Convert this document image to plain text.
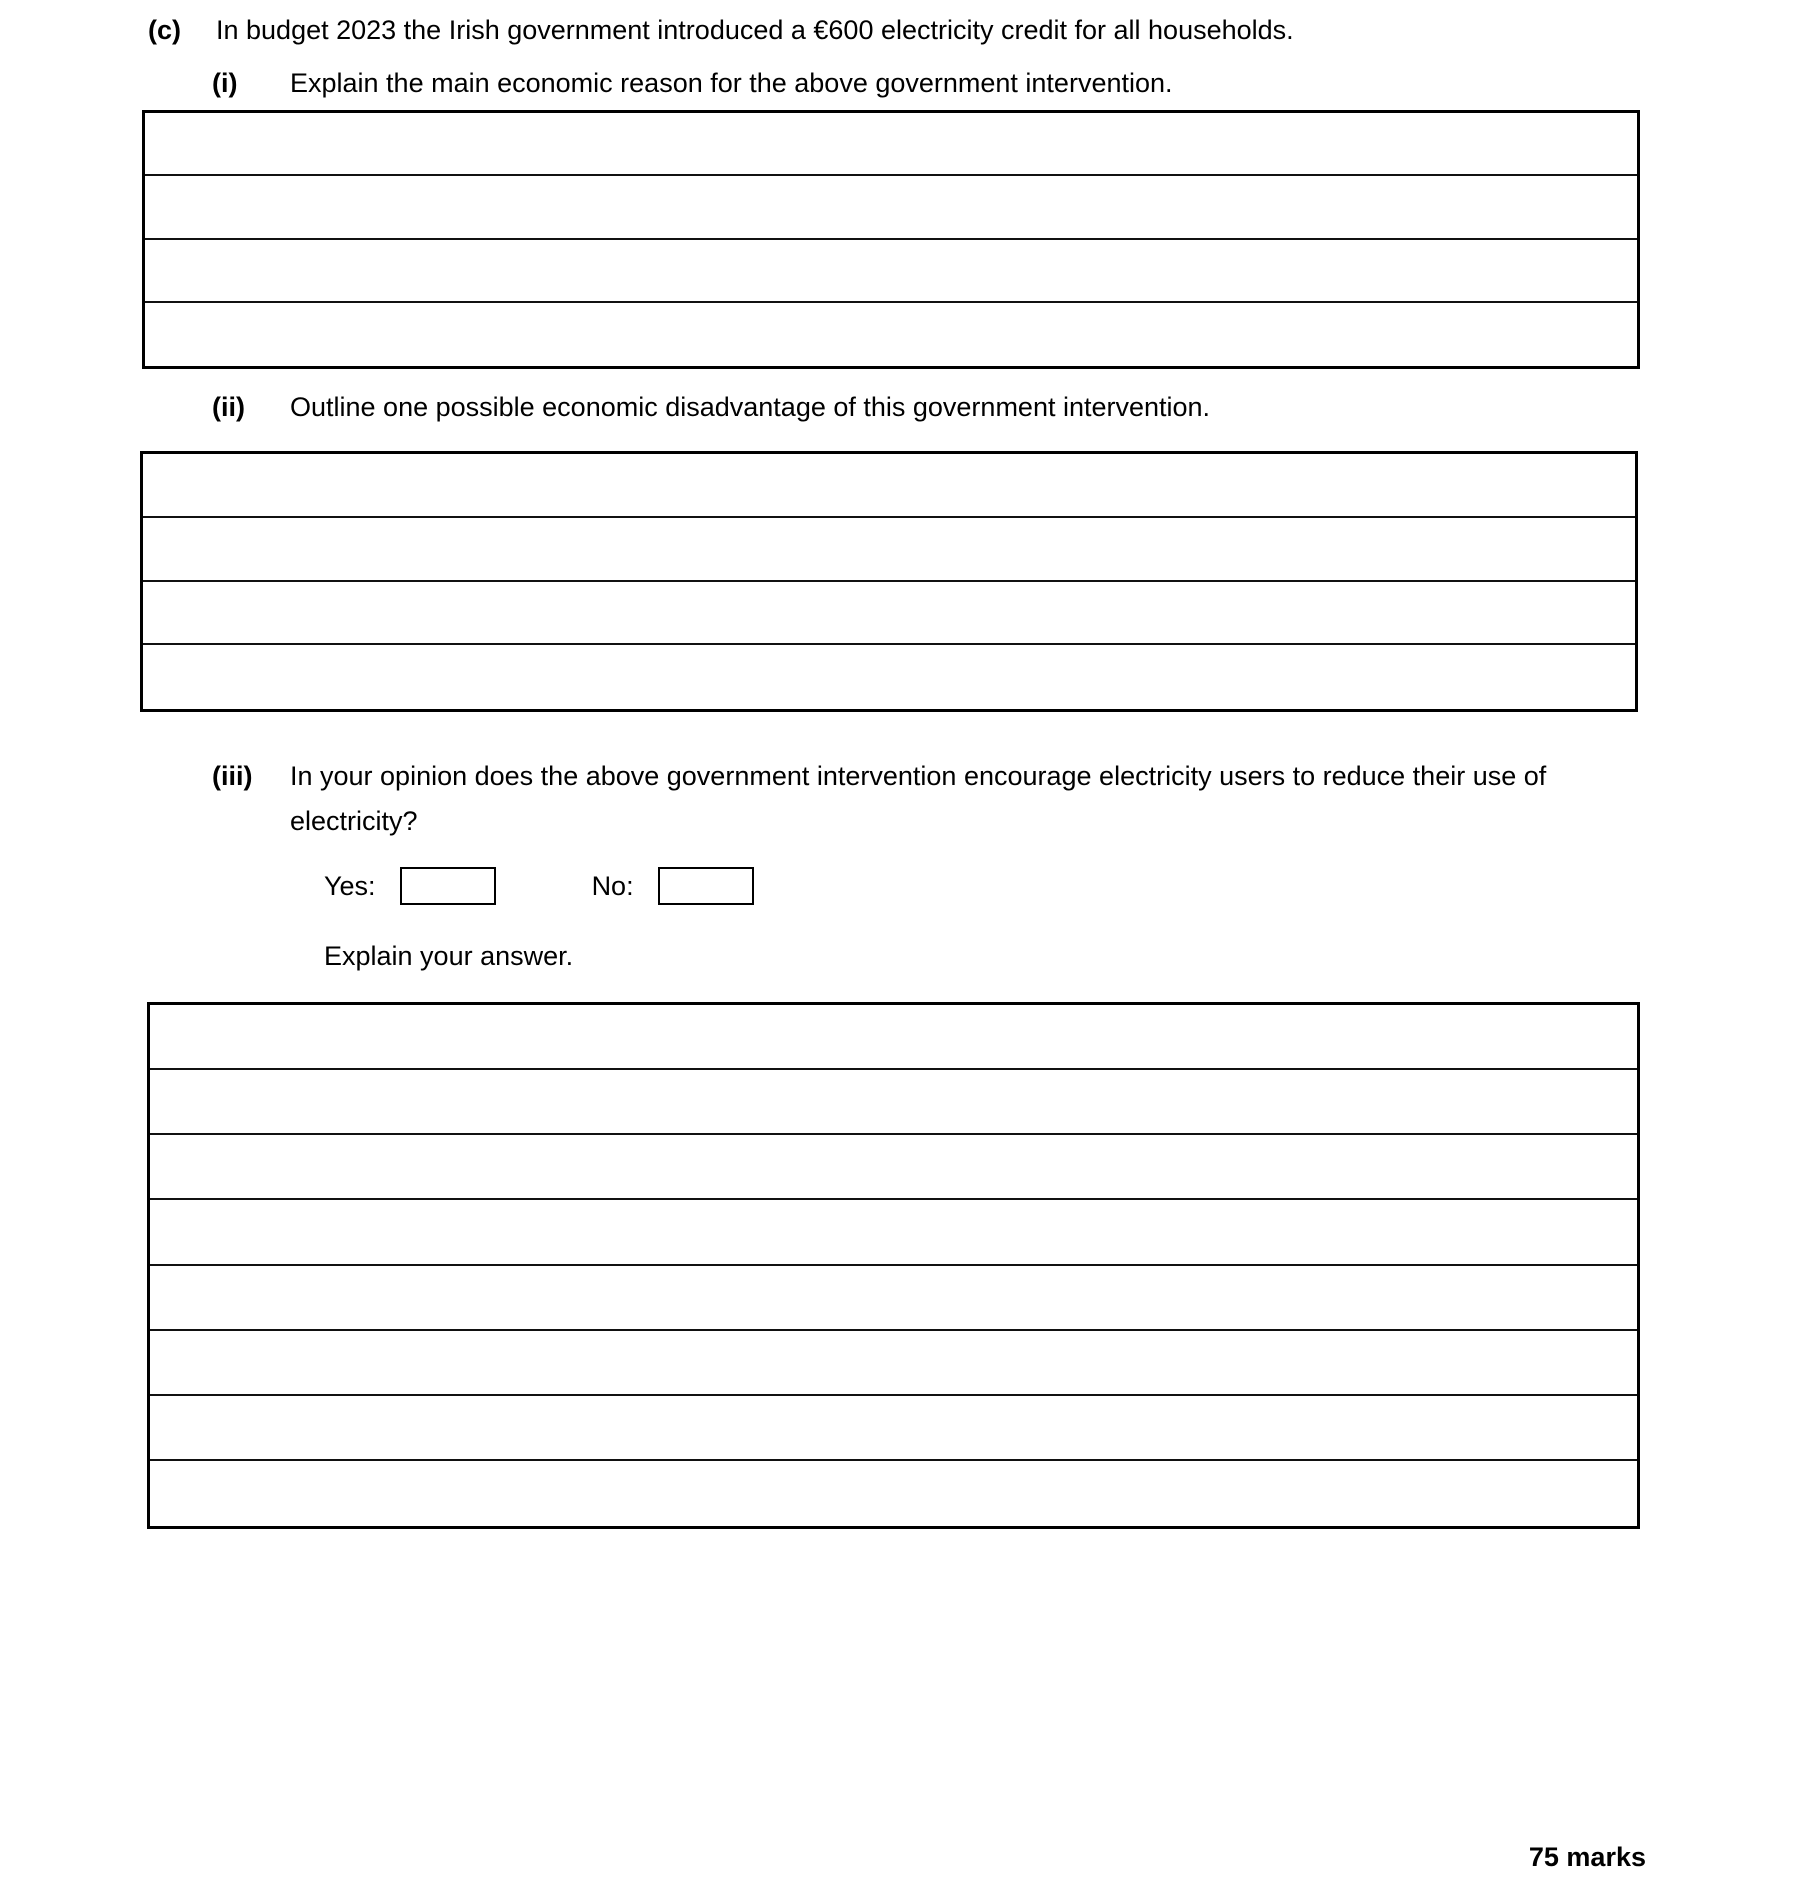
(c)	In budget 2023 the Irish government introduced a €600 electricity credit for all households.
(i)	Explain the main economic reason for the above government intervention.
(ii)	Outline one possible economic disadvantage of this government intervention.
(iii)	In your opinion does the above government intervention encourage electricity users to reduce their use of electricity?
Yes:	No:
Explain your answer.
75 marks
